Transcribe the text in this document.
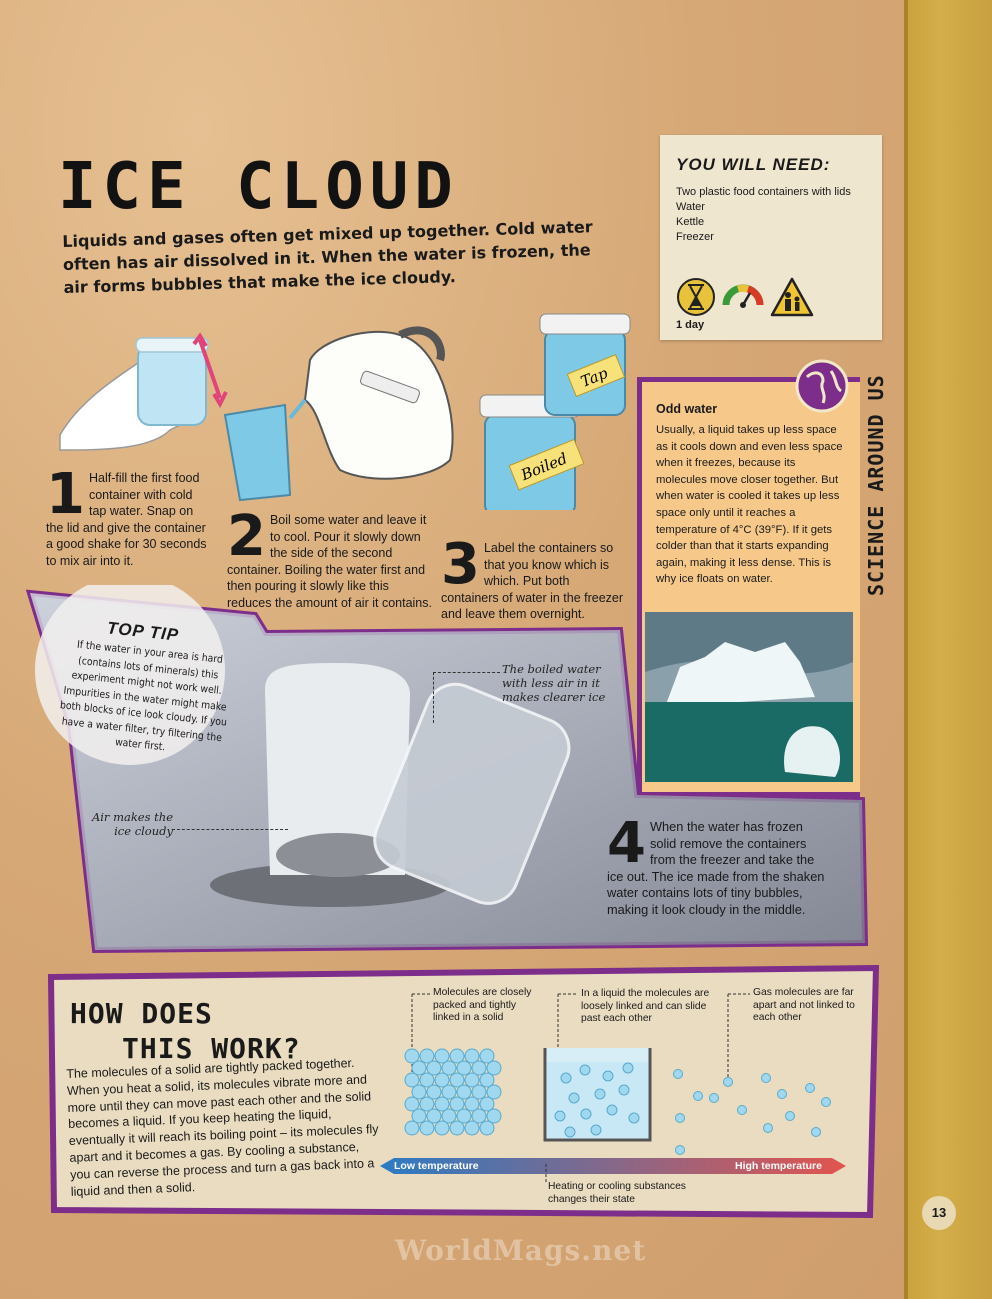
ICE CLOUD
Liquids and gases often get mixed up together. Cold water often has air dissolved in it. When the water is frozen, the air forms bubbles that make the ice cloudy.
YOU WILL NEED:
Two plastic food containers with lids
Water
Kettle
Freezer
1 day
Boiled
Tap
1 Half-fill the first food container with cold tap water. Snap on the lid and give the container a good shake for 30 seconds to mix air into it.	2 Boil some water and leave it to cool. Pour it slowly down the side of the second container. Boiling the water first and then pouring it slowly like this reduces the amount of air it contains.
3 Label the containers so that you know which is which. Put both containers of water in the freezer and leave them overnight.
Odd water

Usually, a liquid takes up less space as it cools down and even less space when it freezes, because its molecules move closer together. But when water is cooled it takes up less space only until it reaches a temperature of 4°C (39°F). If it gets colder than that it starts expanding again, making it less dense. This is why ice floats on water.	SCIENCE AROUND US
TOP TIP
If the water in your area is hard (contains lots of minerals) this experiment might not work well. Impurities in the water might make both blocks of ice look cloudy. If you have a water filter, try filtering the water first.
The boiled water with less air in it makes clearer ice
Air makes the ice cloudy	4 When the water has frozen solid remove the containers from the freezer and take the ice out. The ice made from the shaken water contains lots of tiny bubbles, making it look cloudy in the middle.
HOW DOES
THIS WORK?
The molecules of a solid are tightly packed together. When you heat a solid, its molecules vibrate more and more until they can move past each other and the solid becomes a liquid. If you keep heating the liquid, eventually it will reach its boiling point – its molecules fly apart and it becomes a gas. By cooling a substance, you can reverse the process and turn a gas back into a liquid and then a solid.
Molecules are closely packed and tightly linked in a solid
In a liquid the molecules are loosely linked and can slide past each other
Gas molecules are far apart and not linked to each other
Low temperature	High temperature
Heating or cooling substances changes their state
13
WorldMags.net
